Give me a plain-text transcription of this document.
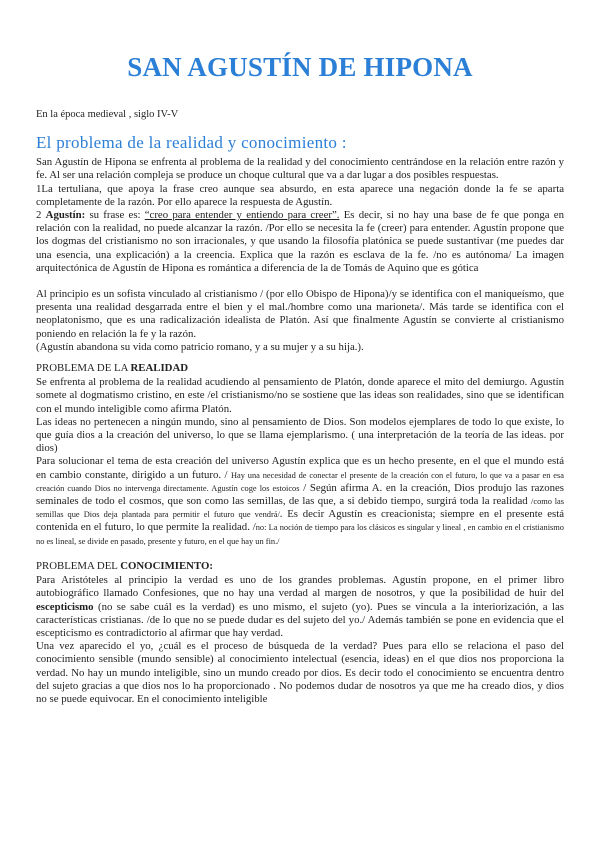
SAN AGUSTÍN DE HIPONA
En la época medieval , siglo IV-V
El problema de la realidad y conocimiento :

San Agustín de Hipona se enfrenta al problema de la realidad y del conocimiento centrándose en la relación entre razón y fe. Al ser una relación compleja se produce un choque cultural que va a dar lugar a dos posibles respuestas.

1La tertuliana, que apoya la frase creo aunque sea absurdo, en esta aparece una negación donde la fe se aparta completamente de la razón. Por ello aparece la respuesta de Agustín.

2 Agustín: su frase es: “creo para entender y entiendo para creer”. Es decir, si no hay una base de fe que ponga en relación con la realidad, no puede alcanzar la razón. /Por ello se necesita la fe (creer) para entender. Agustín propone que los dogmas del cristianismo no son irracionales, y que usando la filosofía platónica se puede sustantivar (me puedes dar una esencia, una explicación) a la creencia. Explica que la razón es esclava de la fe. /no es autónoma/ La imagen arquitectónica de Agustín de Hipona es romántica a diferencia de la de Tomás de Aquino que es gótica

Al principio es un sofista vinculado al cristianismo / (por ello Obispo de Hipona)/y se identifica con el maniqueísmo, que presenta una realidad desgarrada entre el bien y el mal./hombre como una marioneta/. Más tarde se identifica con el neoplatonismo, que es una radicalización idealista de Platón. Así que finalmente Agustín se convierte al cristianismo poniendo en relación la fe y la razón.

(Agustín abandona su vida como patricio romano, y a su mujer y a su hija.).

PROBLEMA DE LA REALIDAD

Se enfrenta al problema de la realidad acudiendo al pensamiento de Platón, donde aparece el mito del demiurgo. Agustín somete al dogmatismo cristino, en este /el cristianismo/no se sostiene que las ideas son realidades, sino que se identifican con el mundo inteligible como afirma Platón.

Las ideas no pertenecen a ningún mundo, sino al pensamiento de Dios. Son modelos ejemplares de todo lo que existe, lo que guía dios a la creación del universo, lo que se llama ejemplarismo. ( una interpretación de la teoría de las ideas. por dios)

Para solucionar el tema de esta creación del universo Agustín explica que es un hecho presente, en el que el mundo está en cambio constante, dirigido a un futuro. / Hay una necesidad de conectar el presente de la creación con el futuro, lo que va a pasar en esa creación cuando Dios no intervenga directamente. Agustín coge los estoicos / Según afirma A. en la creación, Dios produjo las razones seminales de todo el cosmos, que son como las semillas, de las que, a si debido tiempo, surgirá toda la realidad /como las semillas que Dios deja plantada para permitir el futuro que vendrá/. Es decir Agustín es creacionista; siempre en el presente está contenida en el futuro, lo que permite la realidad. /no: La noción de tiempo para los clásicos es singular y lineal , en cambio en el cristianismo no es lineal, se divide en pasado, presente y futuro, en el que hay un fin./

PROBLEMA DEL CONOCIMIENTO:

Para Aristóteles al principio la verdad es uno de los grandes problemas. Agustín propone, en el primer libro autobiográfico llamado Confesiones, que no hay una verdad al margen de nosotros, y que la posibilidad de huir del escepticismo (no se sabe cuál es la verdad) es uno mismo, el sujeto (yo). Pues se vincula a la interiorización, a las características cristianas. /de lo que no se puede dudar es del sujeto del yo./ Además también se pone en evidencia que el escepticismo es contradictorio al afirmar que hay verdad.

Una vez aparecido el yo, ¿cuál es el proceso de búsqueda de la verdad? Pues para ello se relaciona el paso del conocimiento sensible (mundo sensible) al conocimiento intelectual (esencia, ideas) en el que dios nos proporciona la verdad. No hay un mundo inteligible, sino un mundo creado por dios. Es decir todo el conocimiento se encuentra dentro del sujeto gracias a que dios nos lo ha proporcionado . No podemos dudar de nosotros ya que me ha creado dios, y dios no se puede equivocar. En el conocimiento inteligible
